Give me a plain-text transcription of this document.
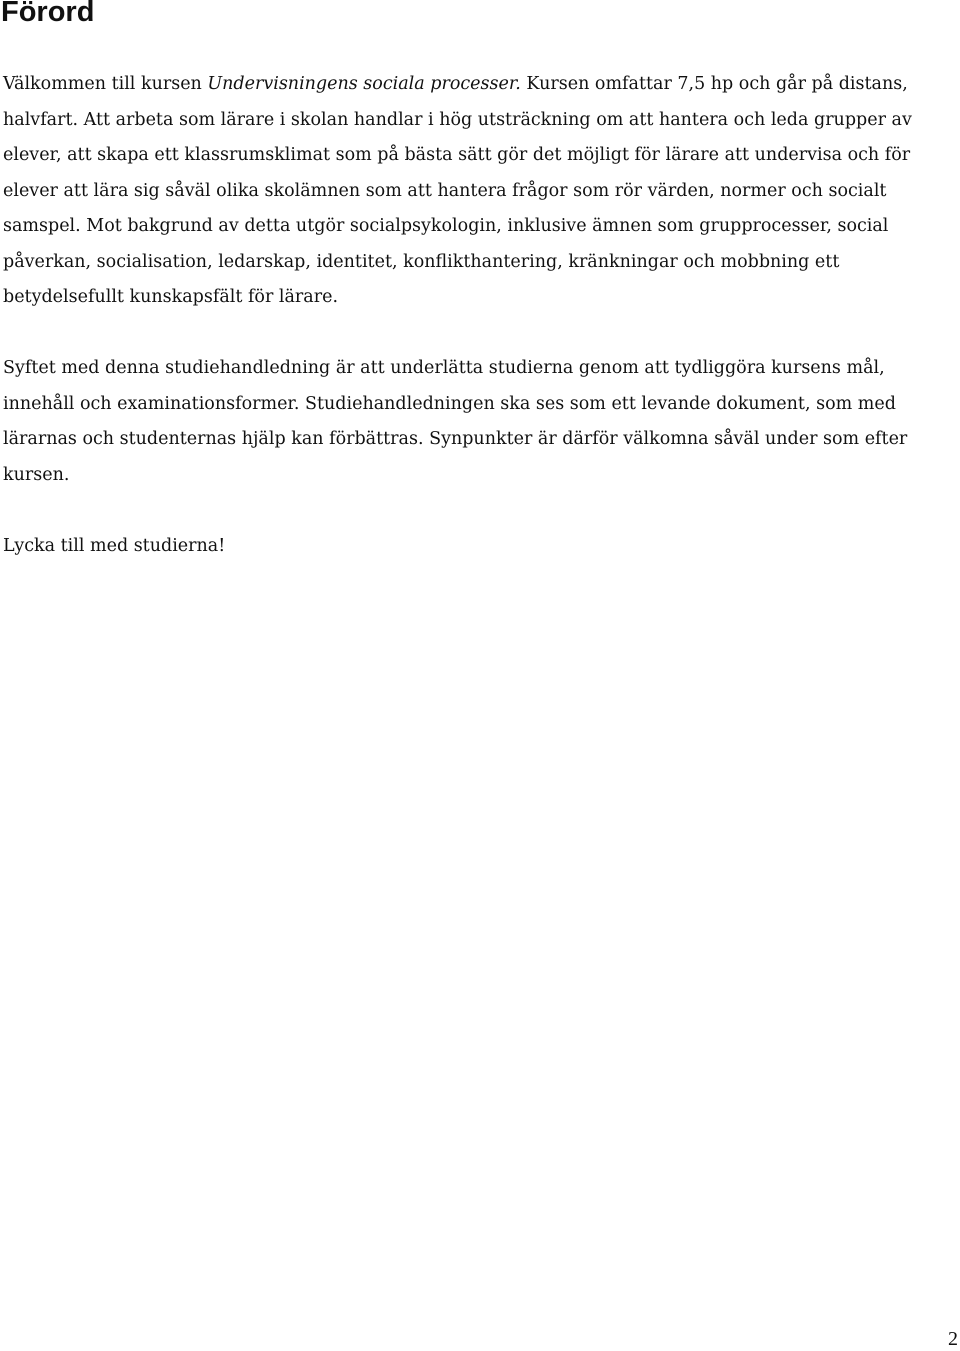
Förord

Välkommen till kursen Undervisningens sociala processer. Kursen omfattar 7,5 hp och går på distans, halvfart. Att arbeta som lärare i skolan handlar i hög utsträckning om att hantera och leda grupper av elever, att skapa ett klassrumsklimat som på bästa sätt gör det möjligt för lärare att undervisa och för elever att lära sig såväl olika skolämnen som att hantera frågor som rör värden, normer och socialt samspel. Mot bakgrund av detta utgör socialpsykologin, inklusive ämnen som grupprocesser, social påverkan, socialisation, ledarskap, identitet, konflikthantering, kränkningar och mobbning ett betydelsefullt kunskapsfält för lärare.

Syftet med denna studiehandledning är att underlätta studierna genom att tydliggöra kursens mål, innehåll och examinationsformer. Studiehandledningen ska ses som ett levande dokument, som med lärarnas och studenternas hjälp kan förbättras. Synpunkter är därför välkomna såväl under som efter kursen.

Lycka till med studierna!

2
